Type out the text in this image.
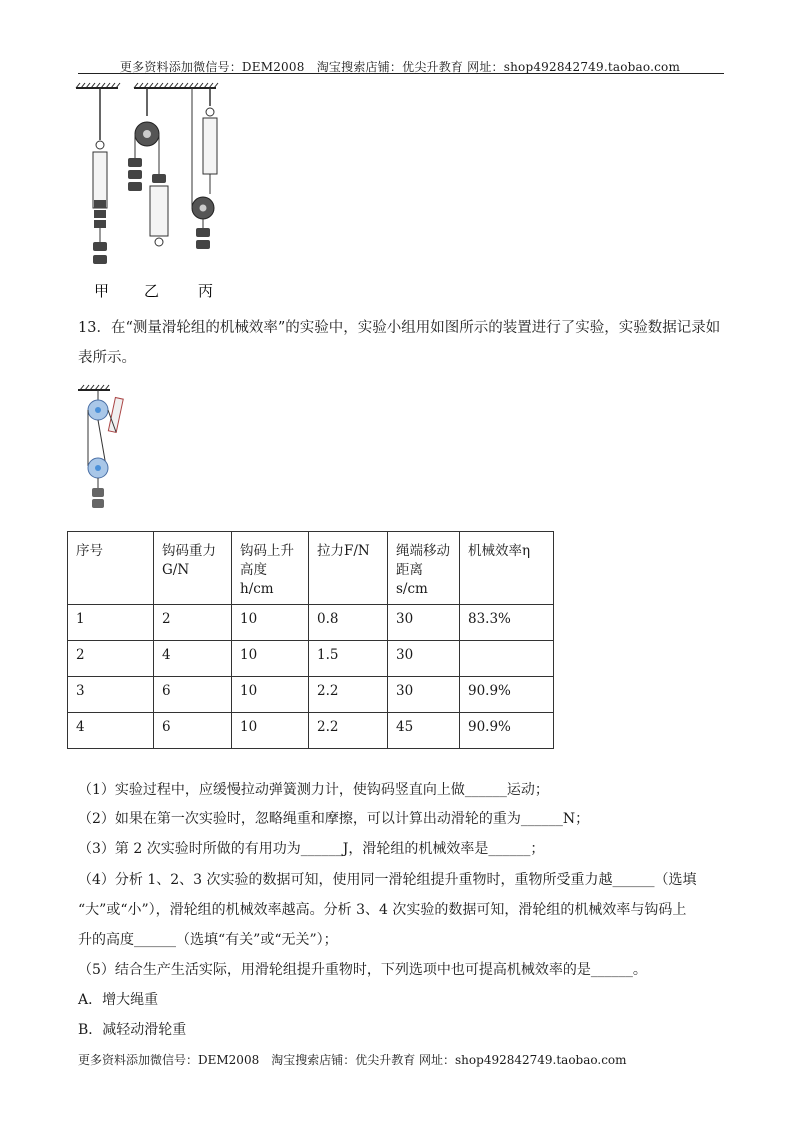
更多资料添加微信号：DEM2008　淘宝搜索店铺：优尖升教育 网址：shop492842749.taobao.com
甲 乙	丙
13．在“测量滑轮组的机械效率”的实验中，实验小组用如图所示的装置进行了实验，实验数据记录如
表所示。
序号	钩码重力G/N	钩码上升高度h/cm	拉力F/N	绳端移动距离s/cm	机械效率η
1	2	10	0.8	30	83.3%
2	4	10	1.5	30	
3	6	10	2.2	30	90.9%
4	6	10	2.2	45	90.9%
（1）实验过程中，应缓慢拉动弹簧测力计，使钩码竖直向上做______运动；
（2）如果在第一次实验时，忽略绳重和摩擦，可以计算出动滑轮的重为______N；
（3）第 2 次实验时所做的有用功为______J，滑轮组的机械效率是______；
（4）分析 1、2、3 次实验的数据可知，使用同一滑轮组提升重物时，重物所受重力越______（选填
“大”或“小”），滑轮组的机械效率越高。分析 3、4 次实验的数据可知，滑轮组的机械效率与钩码上
升的高度______（选填“有关”或“无关”）；
（5）结合生产生活实际，用滑轮组提升重物时，下列选项中也可提高机械效率的是______。
A．增大绳重
B．减轻动滑轮重
更多资料添加微信号：DEM2008　淘宝搜索店铺：优尖升教育 网址：shop492842749.taobao.com
